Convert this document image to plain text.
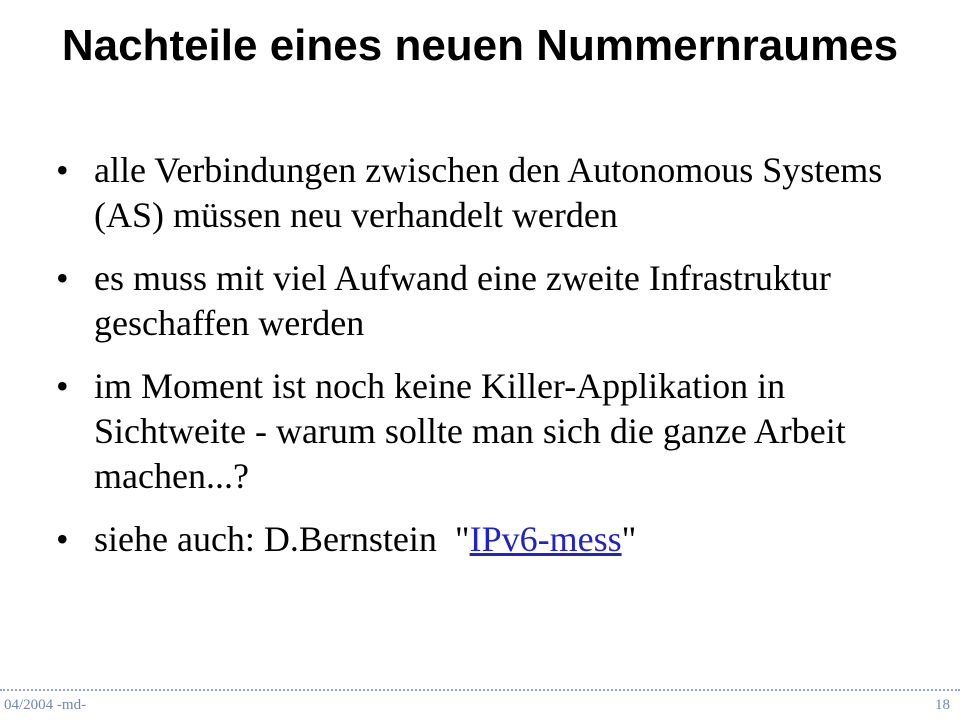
Nachteile eines neuen Nummernraumes
• alle Verbindungen zwischen den Autonomous Systems (AS) müssen neu verhandelt werden
• es muss mit viel Aufwand eine zweite Infrastruktur geschaffen werden
• im Moment ist noch keine Killer-Applikation in Sichtweite - warum sollte man sich die ganze Arbeit machen...?
• siehe auch: D.Bernstein  "IPv6-mess"
04/2004 -md-	18
